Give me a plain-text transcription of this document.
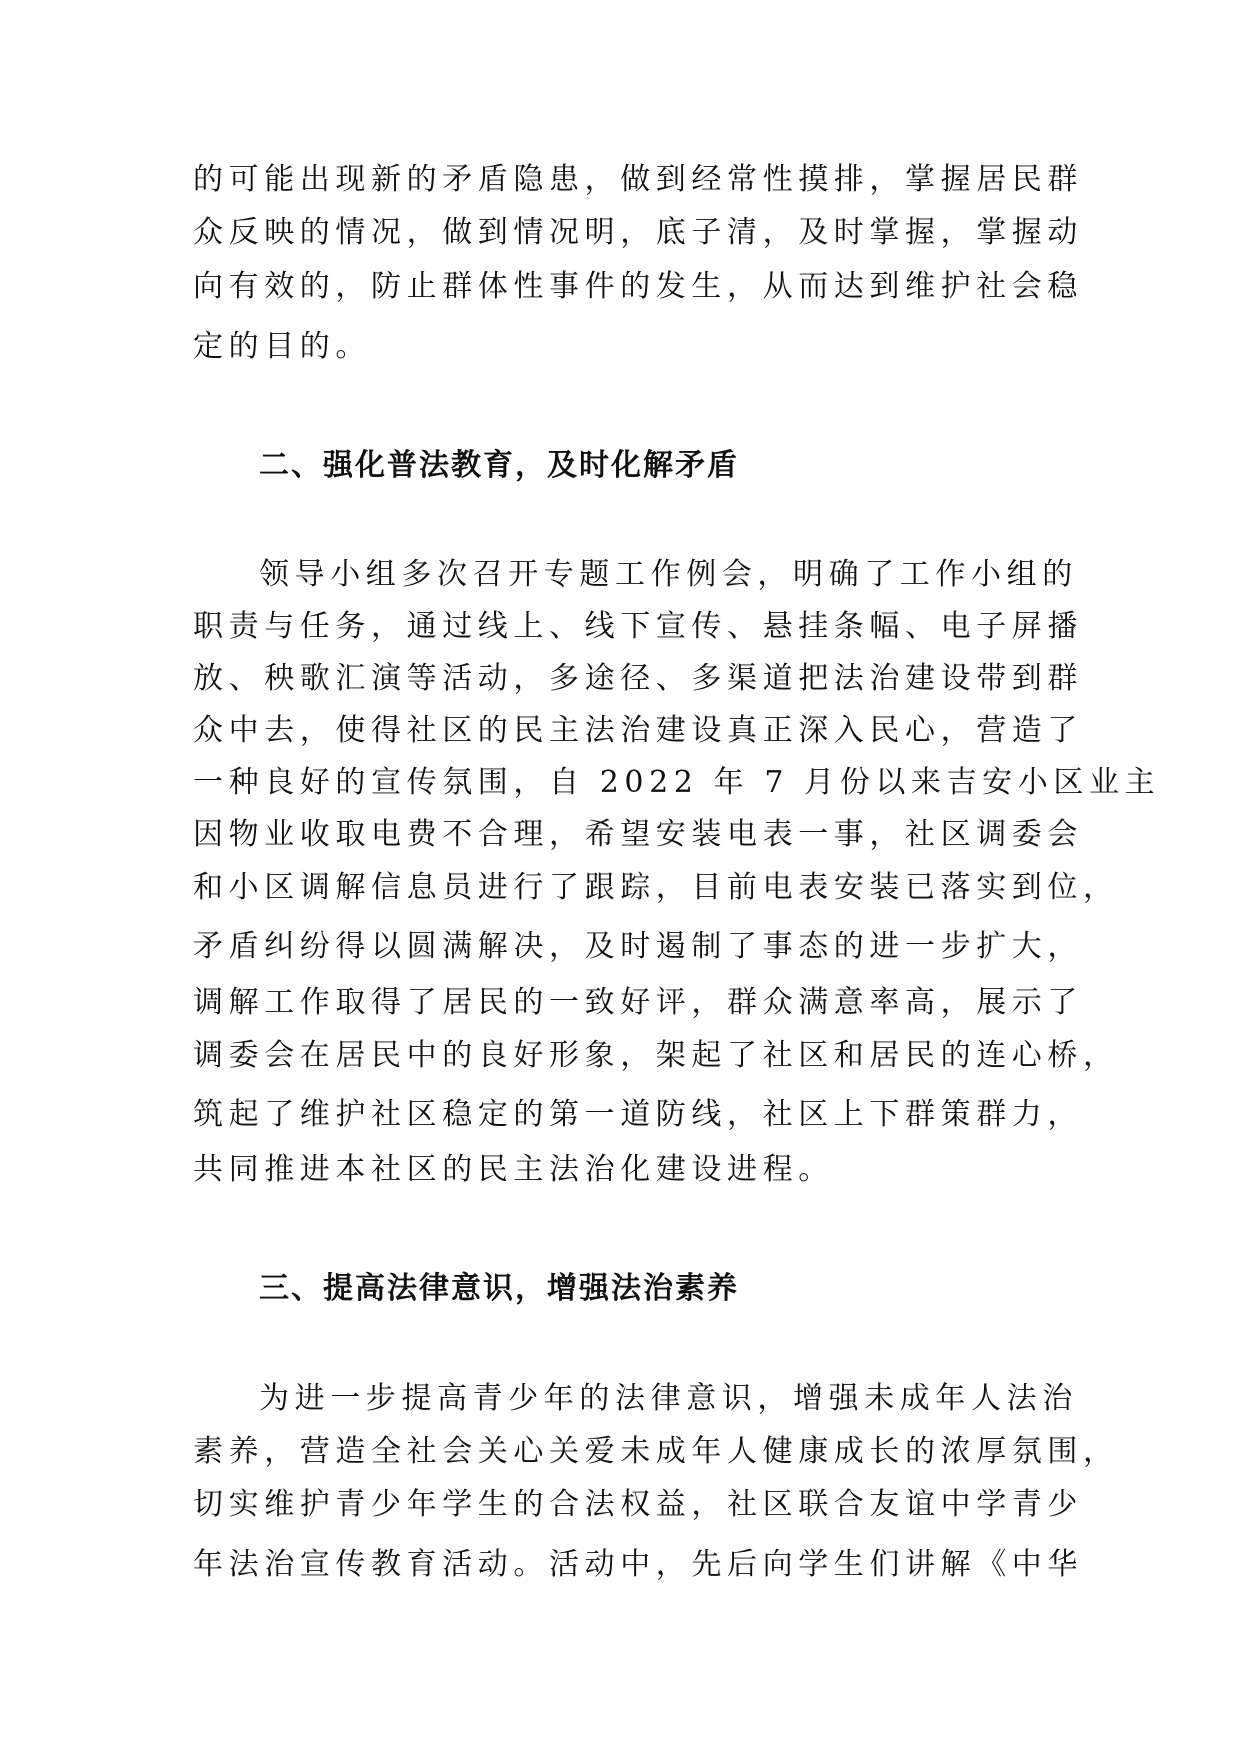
的可能出现新的矛盾隐患，做到经常性摸排，掌握居民群
众反映的情况，做到情况明，底子清，及时掌握，掌握动
向有效的，防止群体性事件的发生，从而达到维护社会稳
定的目的。
二、强化普法教育，及时化解矛盾
领导小组多次召开专题工作例会，明确了工作小组的
职责与任务，通过线上、线下宣传、悬挂条幅、电子屏播
放、秧歌汇演等活动，多途径、多渠道把法治建设带到群
众中去，使得社区的民主法治建设真正深入民心，营造了
一种良好的宣传氛围，自 2022 年 7 月份以来吉安小区业主
因物业收取电费不合理，希望安装电表一事，社区调委会
和小区调解信息员进行了跟踪，目前电表安装已落实到位，
矛盾纠纷得以圆满解决，及时遏制了事态的进一步扩大，
调解工作取得了居民的一致好评，群众满意率高，展示了
调委会在居民中的良好形象，架起了社区和居民的连心桥，
筑起了维护社区稳定的第一道防线，社区上下群策群力，
共同推进本社区的民主法治化建设进程。
三、提高法律意识，增强法治素养
为进一步提高青少年的法律意识，增强未成年人法治
素养，营造全社会关心关爱未成年人健康成长的浓厚氛围，
切实维护青少年学生的合法权益，社区联合友谊中学青少
年法治宣传教育活动。活动中，先后向学生们讲解《中华
